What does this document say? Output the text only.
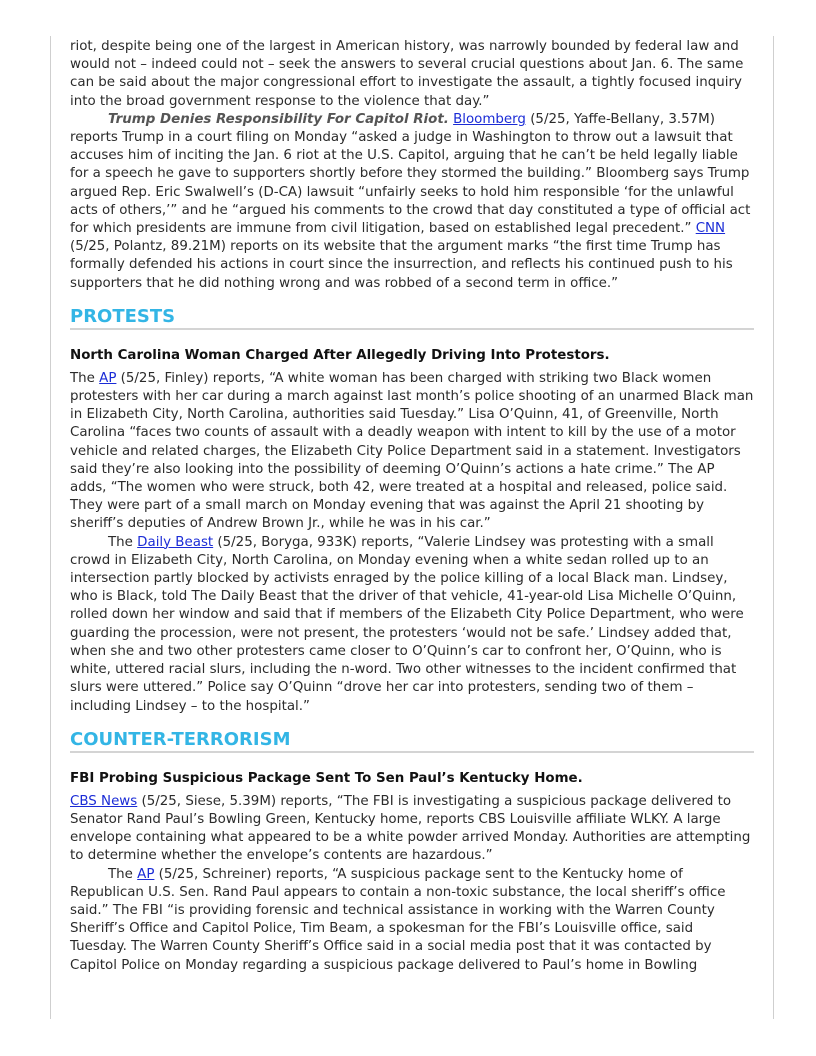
riot, despite being one of the largest in American history, was narrowly bounded by federal law and would not – indeed could not – seek the answers to several crucial questions about Jan. 6. The same can be said about the major congressional effort to investigate the assault, a tightly focused inquiry into the broad government response to the violence that day.”

Trump Denies Responsibility For Capitol Riot. Bloomberg (5/25, Yaffe-Bellany, 3.57M) reports Trump in a court filing on Monday “asked a judge in Washington to throw out a lawsuit that accuses him of inciting the Jan. 6 riot at the U.S. Capitol, arguing that he can’t be held legally liable for a speech he gave to supporters shortly before they stormed the building.” Bloomberg says Trump argued Rep. Eric Swalwell’s (D-CA) lawsuit “unfairly seeks to hold him responsible ‘for the unlawful acts of others,’” and he “argued his comments to the crowd that day constituted a type of official act for which presidents are immune from civil litigation, based on established legal precedent.” CNN (5/25, Polantz, 89.21M) reports on its website that the argument marks “the first time Trump has formally defended his actions in court since the insurrection, and reflects his continued push to his supporters that he did nothing wrong and was robbed of a second term in office.”

PROTESTS
North Carolina Woman Charged After Allegedly Driving Into Protestors.

The AP (5/25, Finley) reports, “A white woman has been charged with striking two Black women protesters with her car during a march against last month’s police shooting of an unarmed Black man in Elizabeth City, North Carolina, authorities said Tuesday.” Lisa O’Quinn, 41, of Greenville, North Carolina “faces two counts of assault with a deadly weapon with intent to kill by the use of a motor vehicle and related charges, the Elizabeth City Police Department said in a statement. Investigators said they’re also looking into the possibility of deeming O’Quinn’s actions a hate crime.” The AP adds, “The women who were struck, both 42, were treated at a hospital and released, police said. They were part of a small march on Monday evening that was against the April 21 shooting by sheriff’s deputies of Andrew Brown Jr., while he was in his car.”

The Daily Beast (5/25, Boryga, 933K) reports, “Valerie Lindsey was protesting with a small crowd in Elizabeth City, North Carolina, on Monday evening when a white sedan rolled up to an intersection partly blocked by activists enraged by the police killing of a local Black man. Lindsey, who is Black, told The Daily Beast that the driver of that vehicle, 41-year-old Lisa Michelle O’Quinn, rolled down her window and said that if members of the Elizabeth City Police Department, who were guarding the procession, were not present, the protesters ‘would not be safe.’ Lindsey added that, when she and two other protesters came closer to O’Quinn’s car to confront her, O’Quinn, who is white, uttered racial slurs, including the n-word. Two other witnesses to the incident confirmed that slurs were uttered.” Police say O’Quinn “drove her car into protesters, sending two of them – including Lindsey – to the hospital.”

COUNTER-TERRORISM
FBI Probing Suspicious Package Sent To Sen Paul’s Kentucky Home.

CBS News (5/25, Siese, 5.39M) reports, “The FBI is investigating a suspicious package delivered to Senator Rand Paul’s Bowling Green, Kentucky home, reports CBS Louisville affiliate WLKY. A large envelope containing what appeared to be a white powder arrived Monday. Authorities are attempting to determine whether the envelope’s contents are hazardous.”

The AP (5/25, Schreiner) reports, “A suspicious package sent to the Kentucky home of Republican U.S. Sen. Rand Paul appears to contain a non-toxic substance, the local sheriff’s office said.” The FBI “is providing forensic and technical assistance in working with the Warren County Sheriff’s Office and Capitol Police, Tim Beam, a spokesman for the FBI’s Louisville office, said Tuesday. The Warren County Sheriff’s Office said in a social media post that it was contacted by Capitol Police on Monday regarding a suspicious package delivered to Paul’s home in Bowling
